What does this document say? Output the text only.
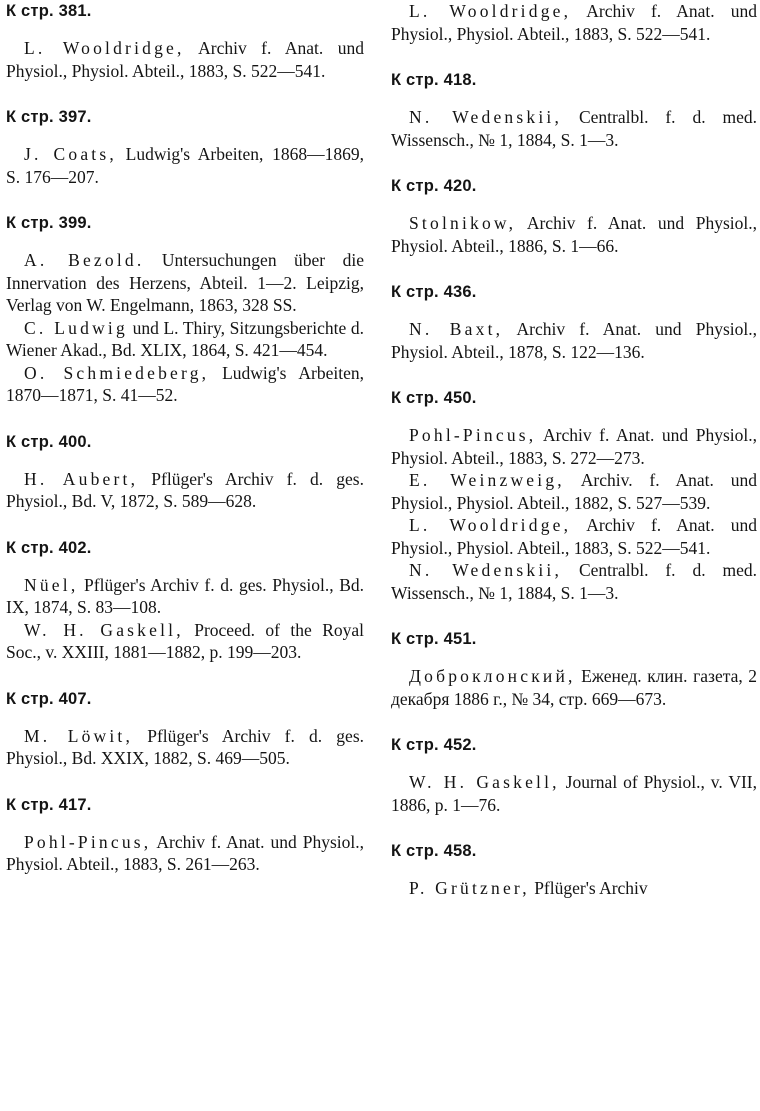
К стр. 381.

L. Wooldridge, Archiv f. Anat. und Physiol., Physiol. Abteil., 1883, S. 522—541.

К стр. 397.

J. Coats, Ludwig's Arbeiten, 1868—1869, S. 176—207.

К стр. 399.

A. Bezold. Untersuchungen über die Innervation des Herzens, Abteil. 1—2. Leipzig, Verlag von W. Engelmann, 1863, 328 SS.

C. Ludwig und L. Thiry, Sitzungsberichte d. Wiener Akad., Bd. XLIX, 1864, S. 421—454.

O. Schmiedeberg, Ludwig's Arbeiten, 1870—1871, S. 41—52.

К стр. 400.

H. Aubert, Pflüger's Archiv f. d. ges. Physiol., Bd. V, 1872, S. 589—628.

К стр. 402.

Nüel, Pflüger's Archiv f. d. ges. Physiol., Bd. IX, 1874, S. 83—108.

W. H. Gaskell, Proceed. of the Royal Soc., v. XXIII, 1881—1882, p. 199—203.

К стр. 407.

M. Löwit, Pflüger's Archiv f. d. ges. Physiol., Bd. XXIX, 1882, S. 469—505.

К стр. 417.

Pohl-Pincus, Archiv f. Anat. und Physiol., Physiol. Abteil., 1883, S. 261—263.

L. Wooldridge, Archiv f. Anat. und Physiol., Physiol. Abteil., 1883, S. 522—541.

К стр. 418.

N. Wedenskii, Centralbl. f. d. med. Wissensch., № 1, 1884, S. 1—3.

К стр. 420.

Stolnikow, Archiv f. Anat. und Physiol., Physiol. Abteil., 1886, S. 1—66.

К стр. 436.

N. Baxt, Archiv f. Anat. und Physiol., Physiol. Abteil., 1878, S. 122—136.

К стр. 450.

Pohl-Pincus, Archiv f. Anat. und Physiol., Physiol. Abteil., 1883, S. 272—273.

E. Weinzweig, Archiv. f. Anat. und Physiol., Physiol. Abteil., 1882, S. 527—539.

L. Wooldridge, Archiv f. Anat. und Physiol., Physiol. Abteil., 1883, S. 522—541.

N. Wedenskii, Centralbl. f. d. med. Wissensch., № 1, 1884, S. 1—3.

К стр. 451.

Доброклонский, Еженед. клин. газета, 2 декабря 1886 г., № 34, стр. 669—673.

К стр. 452.

W. H. Gaskell, Journal of Physiol., v. VII, 1886, p. 1—76.

К стр. 458.

P. Grützner, Pflüger's Archiv
